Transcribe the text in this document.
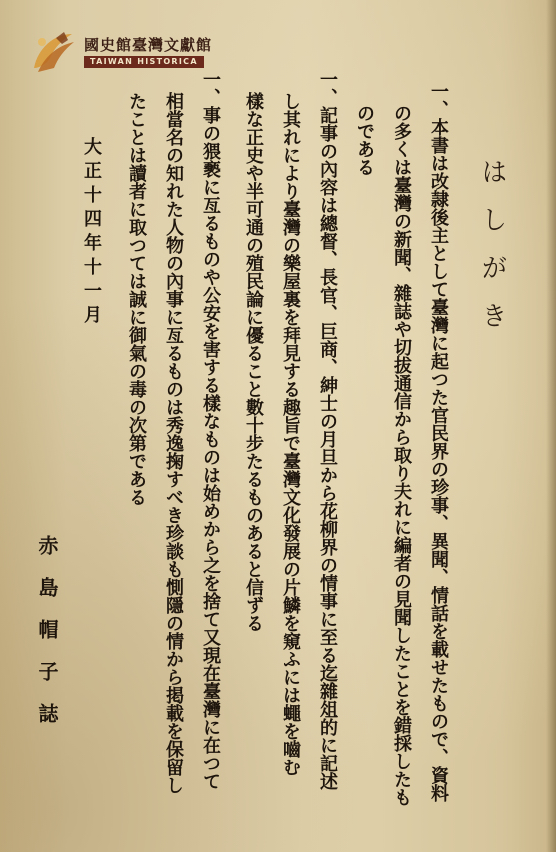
國史館臺灣文獻館
TAIWAN HISTORICA
はしがき
一、本書は改隷後主として臺灣に起つた官民界の珍事、異聞、情話を載せたもので、資料
の多くは臺灣の新聞、雜誌や切拔通信から取り夫れに編者の見聞したことを錯採したも
のである
一、記事の內容は總督、長官、巨商、紳士の月旦から花柳界の情事に至る迄雜俎的に記述
し其れにより臺灣の樂屋裏を拜見する趣旨で臺灣文化發展の片鱗を窺ふには蠅を嚙む
樣な正史や半可通の殖民論に優ること數十步たるものあると信ずる
一、事の猥褻に亙るものや公安を害する樣なものは始めから之を捨て又現在臺灣に在つて
相當名の知れた人物の內事に亙るものは秀逸掬すべき珍談も惻隱の情から掲載を保留し
たことは讀者に取つては誠に御氣の毒の次第である
大正十四年十一月
赤島帽子誌
